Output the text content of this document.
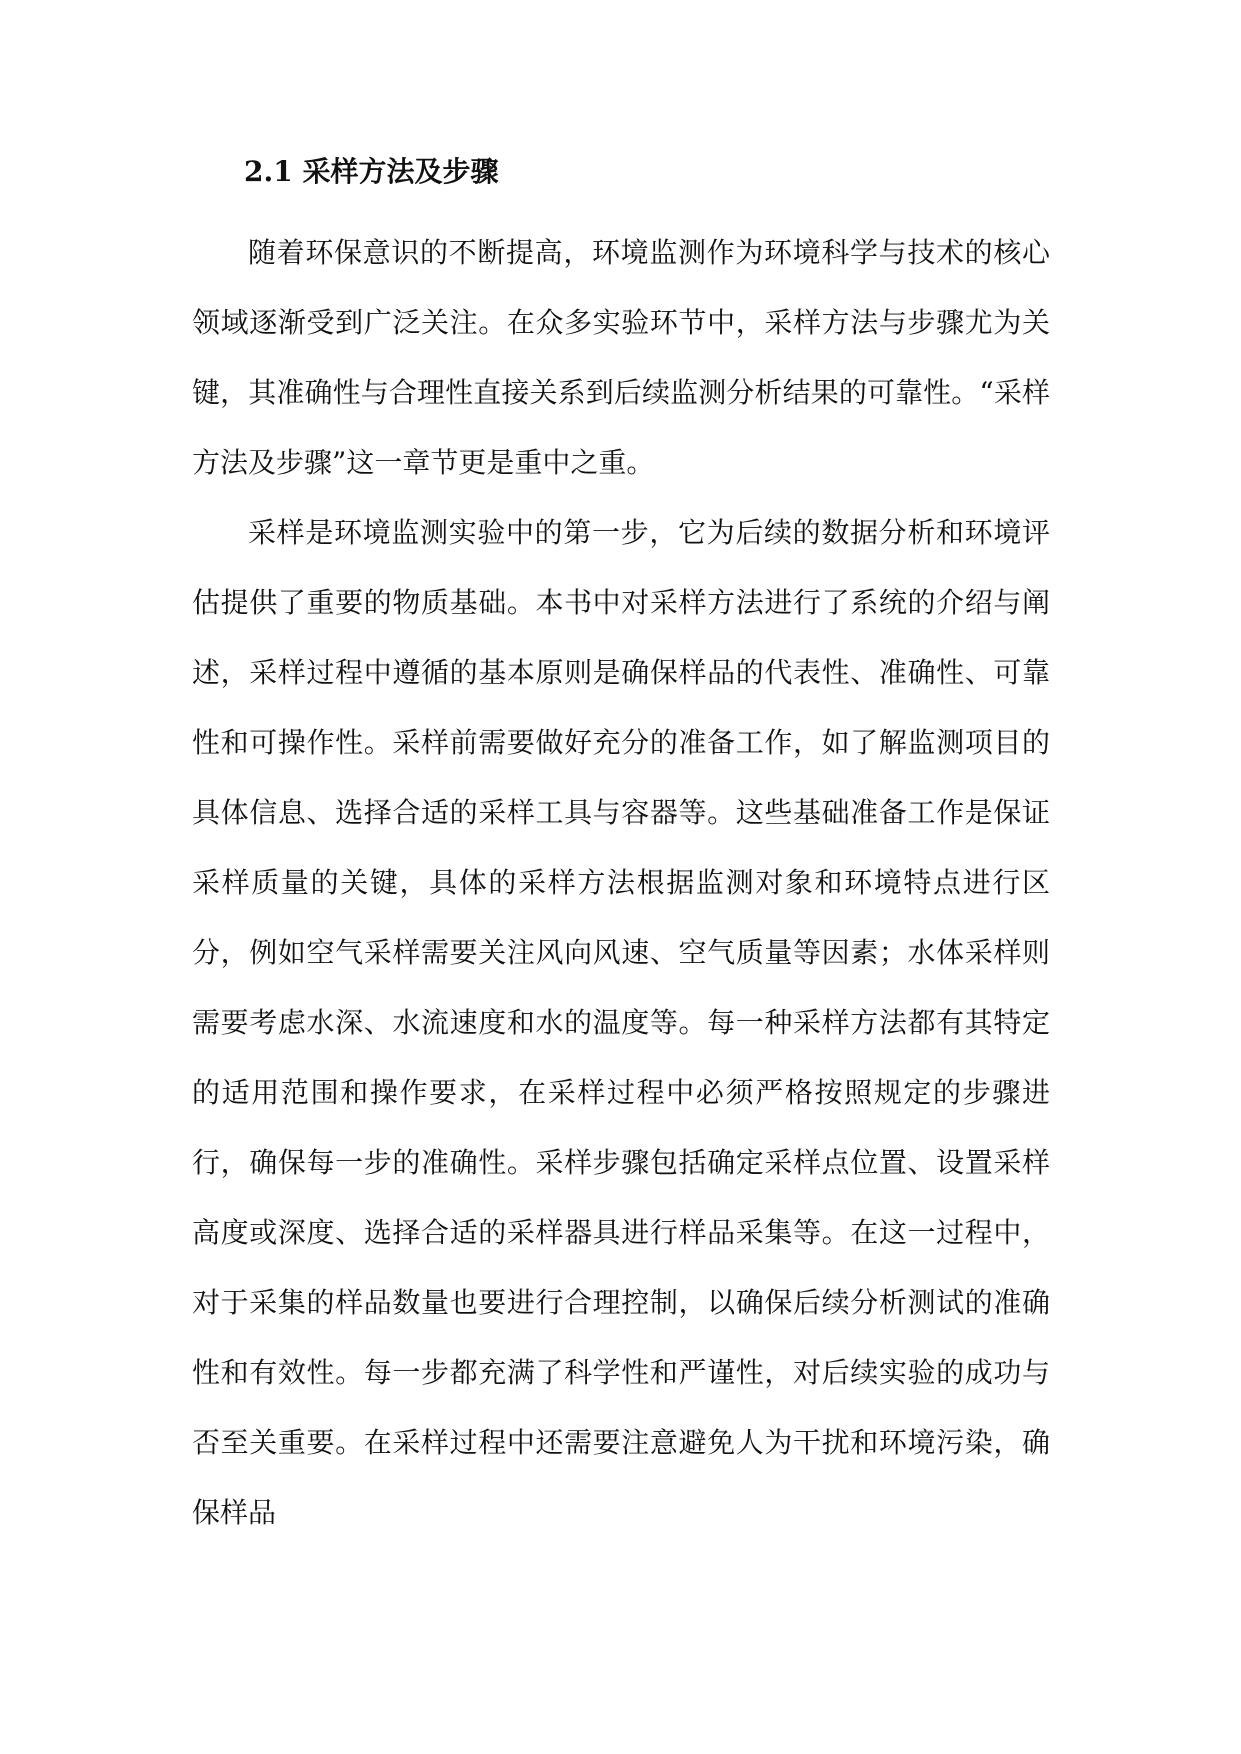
2.1 采样方法及步骤

随着环保意识的不断提高，环境监测作为环境科学与技术的核心领域逐渐受到广泛关注。在众多实验环节中，采样方法与步骤尤为关键，其准确性与合理性直接关系到后续监测分析结果的可靠性。“采样方法及步骤”这一章节更是重中之重。

采样是环境监测实验中的第一步，它为后续的数据分析和环境评估提供了重要的物质基础。本书中对采样方法进行了系统的介绍与阐述，采样过程中遵循的基本原则是确保样品的代表性、准确性、可靠性和可操作性。采样前需要做好充分的准备工作，如了解监测项目的具体信息、选择合适的采样工具与容器等。这些基础准备工作是保证采样质量的关键，具体的采样方法根据监测对象和环境特点进行区分，例如空气采样需要关注风向风速、空气质量等因素；水体采样则需要考虑水深、水流速度和水的温度等。每一种采样方法都有其特定的适用范围和操作要求，在采样过程中必须严格按照规定的步骤进行，确保每一步的准确性。采样步骤包括确定采样点位置、设置采样高度或深度、选择合适的采样器具进行样品采集等。在这一过程中，对于采集的样品数量也要进行合理控制，以确保后续分析测试的准确性和有效性。每一步都充满了科学性和严谨性，对后续实验的成功与否至关重要。在采样过程中还需要注意避免人为干扰和环境污染，确保样品
